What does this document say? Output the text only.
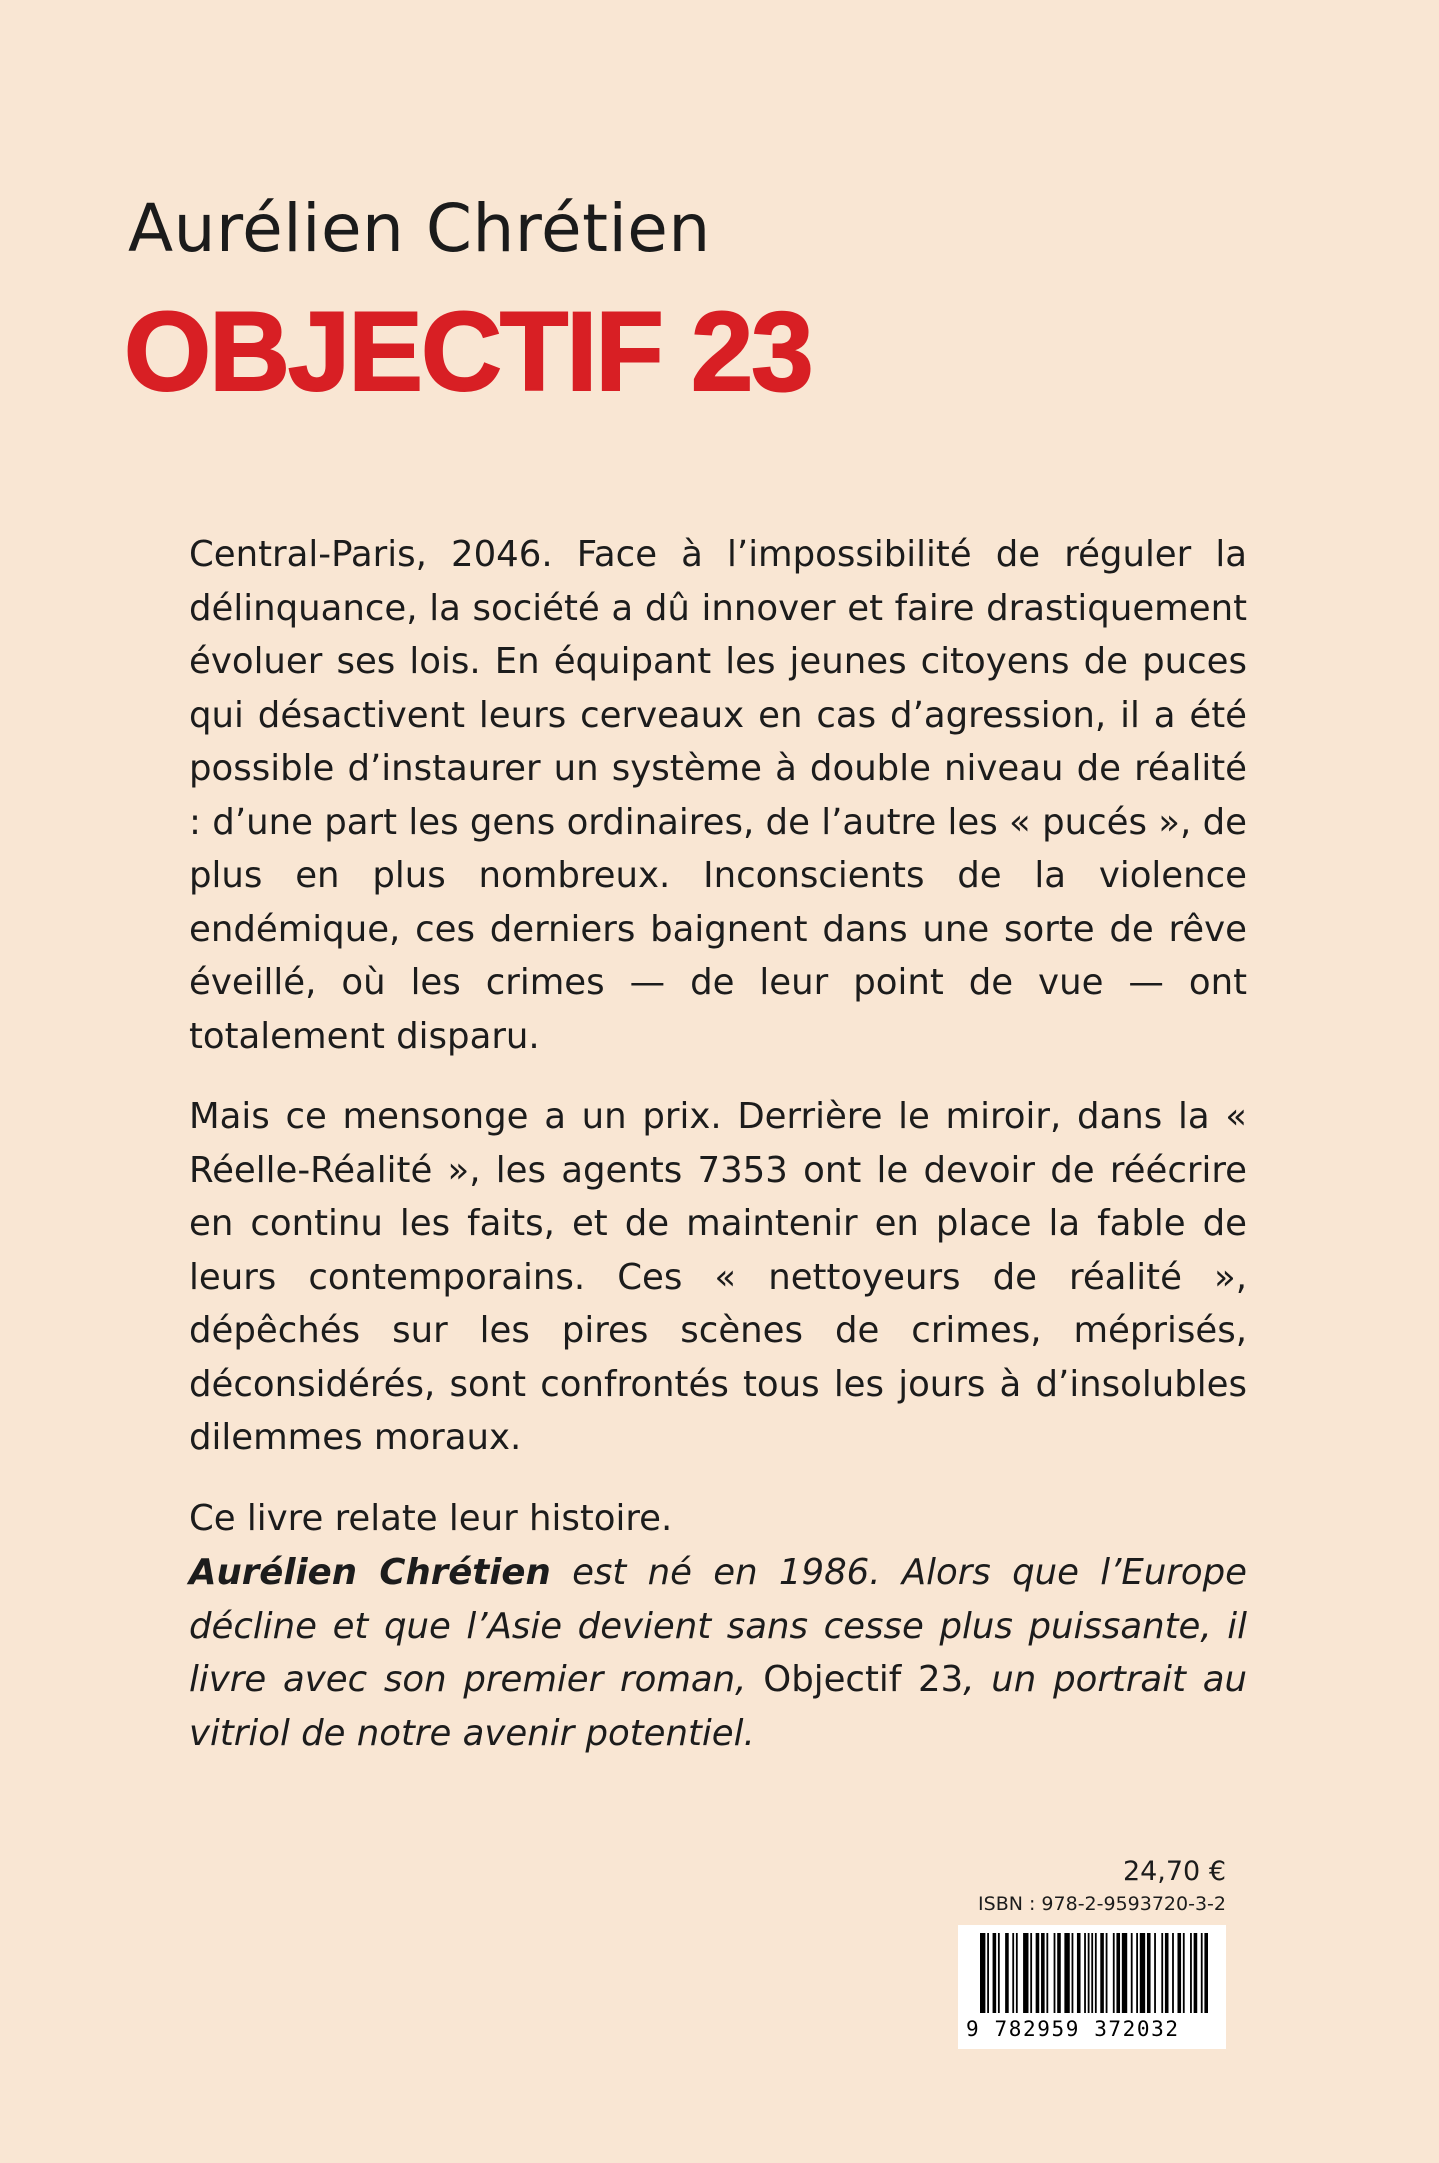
Aurélien Chrétien
OBJECTIF 23

Central-Paris, 2046. Face à l’impossibilité de réguler la délinquance, la société a dû innover et faire drastiquement évoluer ses lois. En équipant les jeunes citoyens de puces qui désactivent leurs cerveaux en cas d’agression, il a été possible d’instaurer un système à double niveau de réalité : d’une part les gens ordinaires, de l’autre les « pucés », de plus en plus nombreux. Inconscients de la violence endémique, ces derniers baignent dans une sorte de rêve éveillé, où les crimes — de leur point de vue — ont totalement disparu.

Mais ce mensonge a un prix. Derrière le miroir, dans la « Réelle-Réalité », les agents 7353 ont le devoir de réécrire en continu les faits, et de maintenir en place la fable de leurs contemporains. Ces « nettoyeurs de réalité », dépêchés sur les pires scènes de crimes, méprisés, déconsidérés, sont confrontés tous les jours à d’insolubles dilemmes moraux.

Ce livre relate leur histoire.

Aurélien Chrétien est né en 1986. Alors que l’Europe décline et que l’Asie devient sans cesse plus puissante, il livre avec son premier roman, Objectif 23, un portrait au vitriol de notre avenir potentiel.
24,70 €
ISBN : 978-2-9593720-3-2
9 782959 372032
